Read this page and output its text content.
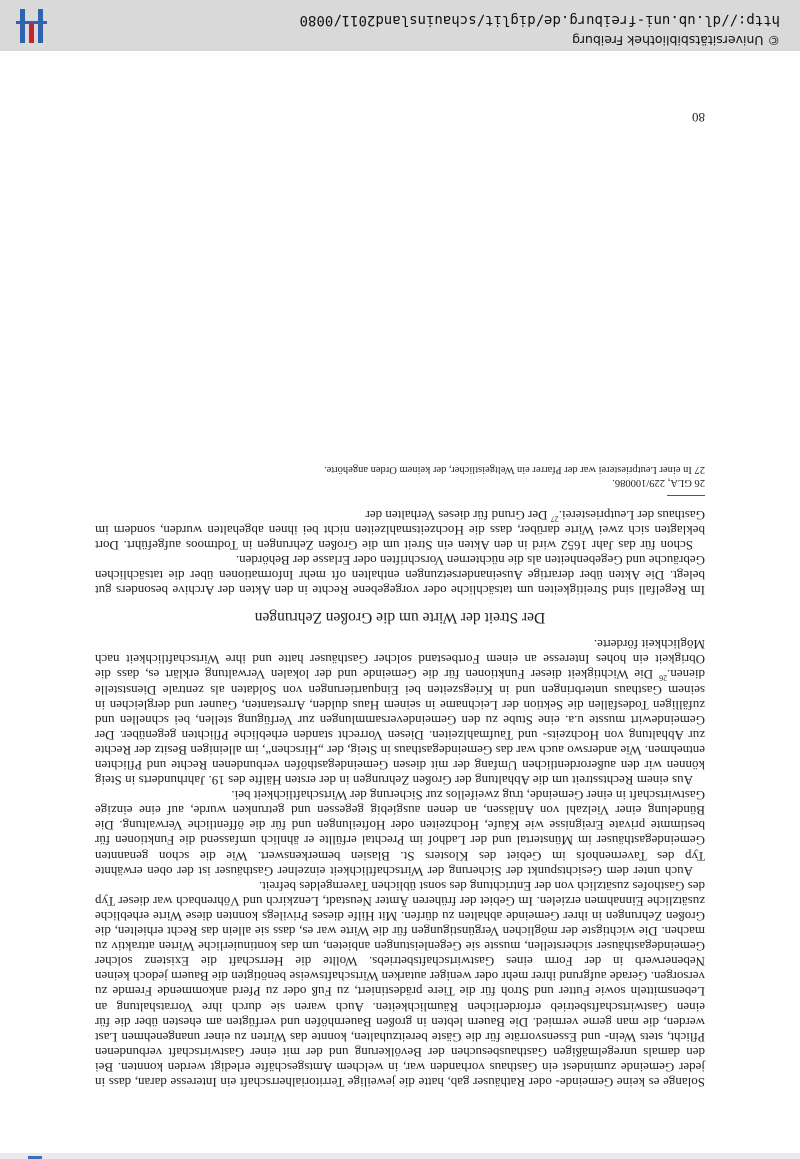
Solange es keine Gemeinde- oder Rathäuser gab, hatte die jeweilige Territorialherrschaft ein Interesse daran, dass in jeder Gemeinde zumindest ein Gasthaus vorhanden war, in welchem Amtsgeschäfte erledigt werden konnten. Bei den damals unregelmäßigen Gasthausbesuchen der Bevölkerung und der mit einer Gastwirtschaft verbundenen Pflicht, stets Wein- und Essensvorräte für die Gäste bereitzuhalten, konnte das Wirten zu einer unangenehmen Last werden, die man gerne vermied. Die Bauern lebten in großen Bauernhöfen und verfügten am ehesten über die für einen Gastwirtschaftsbetrieb erforderlichen Räumlichkeiten. Auch waren sie durch ihre Vorratshaltung an Lebensmitteln sowie Futter und Stroh für die Tiere prädestiniert, zu Fuß oder zu Pferd ankommende Fremde zu versorgen. Gerade aufgrund ihrer mehr oder weniger autarken Wirtschaftsweise benötigten die Bauern jedoch keinen Nebenerwerb in der Form eines Gastwirtschaftsbetriebs. Wollte die Herrschaft die Existenz solcher Gemeindegasthäuser sicherstellen, musste sie Gegenleistungen anbieten, um das kontinuierliche Wirten attraktiv zu machen. Die wichtigste der möglichen Vergünstigungen für die Wirte war es, dass sie allein das Recht erhielten, die Großen Zehrungen in ihrer Gemeinde abhalten zu dürfen. Mit Hilfe dieses Privilegs konnten diese Wirte erhebliche zusätzliche Einnahmen erzielen. Im Gebiet der früheren Ämter Neustadt, Lenzkirch und Vöhrenbach war dieser Typ des Gasthofes zusätzlich von der Entrichtung des sonst üblichen Taverngeldes befreit.

Auch unter dem Gesichtspunkt der Sicherung der Wirtschaftlichkeit einzelner Gasthäuser ist der oben erwähnte Typ des Tavernenhofs im Gebiet des Klosters St. Blasien bemerkenswert. Wie die schon genannten Gemeindegasthäuser im Münstertal und der Ladhof im Prechtal erfüllte er ähnlich umfassend die Funktionen für bestimmte private Ereignisse wie Käufe, Hochzeiten oder Hofteilungen und für die öffentliche Verwaltung. Die Bündelung einer Vielzahl von Anlässen, an denen ausgiebig gegessen und getrunken wurde, auf eine einzige Gastwirtschaft in einer Gemeinde, trug zweifellos zur Sicherung der Wirtschaftlichkeit bei.

Aus einem Rechtsstreit um die Abhaltung der Großen Zehrungen in der ersten Hälfte des 19. Jahrhunderts in Steig können wir den außerordentlichen Umfang der mit diesen Gemeindegasthöfen verbundenen Rechte und Pflichten entnehmen. Wie anderswo auch war das Gemeindegasthaus in Steig, der „Hirschen“, im alleinigen Besitz der Rechte zur Abhaltung von Hochzeits- und Taufmahlzeiten. Diesen Vorrecht standen erhebliche Pflichten gegenüber. Der Gemeindewirt musste u.a. eine Stube zu den Gemeindeversammlungen zur Verfügung stellen, bei schnellen und zufälligen Todesfällen die Sektion der Leichname in seinem Haus dulden, Arrestanten, Gauner und dergleichen in seinem Gasthaus unterbringen und in Kriegszeiten bei Einquartierungen von Soldaten als zentrale Dienststelle dienen.$^{26}$ Die Wichtigkeit dieser Funktionen für die Gemeinde und der lokalen Verwaltung erklärt es, dass die Obrigkeit ein hohes Interesse an einem Fortbestand solcher Gasthäuser hatte und ihre Wirtschaftlichkeit nach Möglichkeit förderte.

Der Streit der Wirte um die Großen Zehrungen

Im Regelfall sind Streitigkeiten um tatsächliche oder vorgegebene Rechte in den Akten der Archive besonders gut belegt. Die Akten über derartige Auseinandersetzungen enthalten oft mehr Informationen über die tatsächlichen Gebräuche und Gegebenheiten als die nüchternen Vorschriften oder Erlasse der Behörden.

Schon für das Jahr 1652 wird in den Akten ein Streit um die Großen Zehrungen in Todtmoos aufgeführt. Dort beklagten sich zwei Wirte darüber, dass die Hochzeitsmahlzeiten nicht bei ihnen abgehalten wurden, sondern im Gasthaus der Leutpriesterei.$^{27}$ Der Grund für dieses Verhalten der

26 GLA, 229/100086.
27 In einer Leutpriesterei war der Pfarrer ein Weltgeistlicher, der keinem Orden angehörte.
80
© Universitätsbibliothek Freiburg
http://dl.ub.uni-freiburg.de/diglit/schauinsland2011/0080
